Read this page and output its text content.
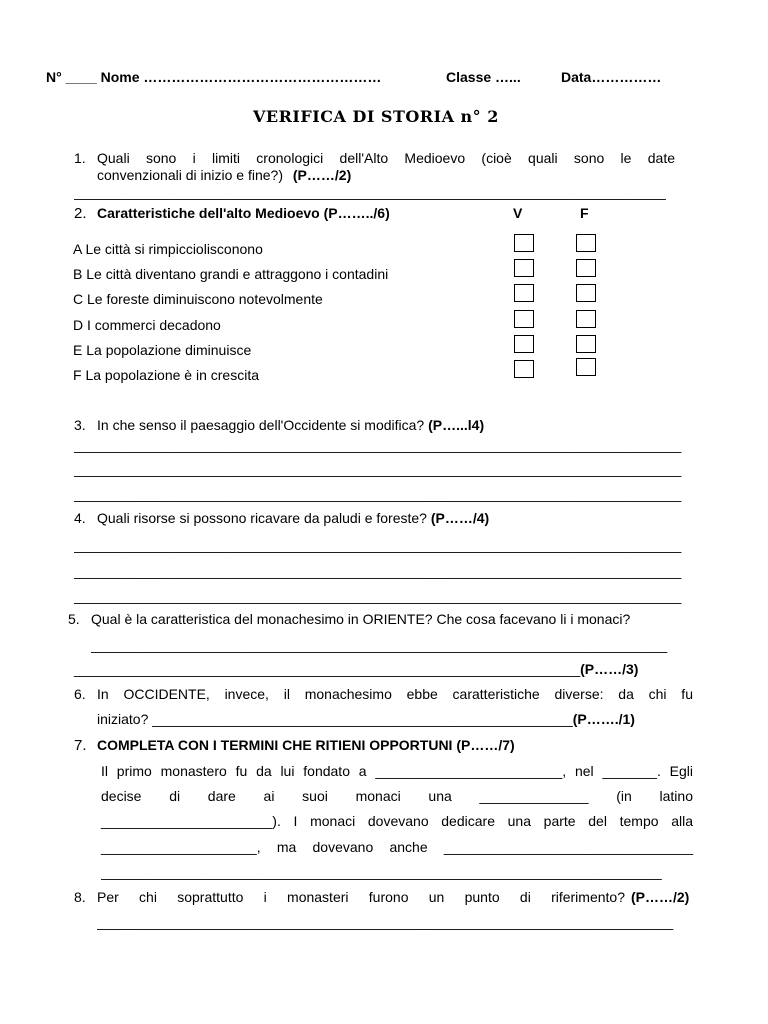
N° ____ Nome ……………………………………………	Classe …...	Data……………
VERIFICA DI STORIA n° 2
1. Quali sono i limiti cronologici dell'Alto Medioevo (cioè quali sono le date
convenzionali di inizio e fine?) (P……/2)
____________________________________________________________________________
2. Caratteristiche dell'alto Medioevo (P……../6)	V	F
A Le città si rimpicciolisconono
B Le città diventano grandi e attraggono i contadini
C Le foreste diminuiscono notevolmente
D I commerci decadono
E La popolazione diminuisce
F La popolazione è in crescita
3. In che senso il paesaggio dell'Occidente si modifica? (P…...l4)
______________________________________________________________________________
______________________________________________________________________________
______________________________________________________________________________
4. Quali risorse si possono ricavare da paludi e foreste? (P……/4)
______________________________________________________________________________
______________________________________________________________________________
______________________________________________________________________________
5. Qual è la caratteristica del monachesimo in ORIENTE? Che cosa facevano li i monaci?
__________________________________________________________________________
_________________________________________________________________(P……/3)
6. In OCCIDENTE, invece, il monachesimo ebbe caratteristiche diverse: da chi fu
iniziato? ______________________________________________________(P……./1)
7. COMPLETA CON I TERMINI CHE RITIENI OPPORTUNI (P……/7)
Il primo monastero fu da lui fondato a ________________________, nel _______. Egli
decise di dare ai suoi monaci una ______________ (in latino
______________________). I monaci dovevano dedicare una parte del tempo alla
____________________, ma dovevano anche ________________________________
________________________________________________________________________
8. Per chi soprattutto i monasteri furono un punto di riferimento? (P……/2)
__________________________________________________________________________
